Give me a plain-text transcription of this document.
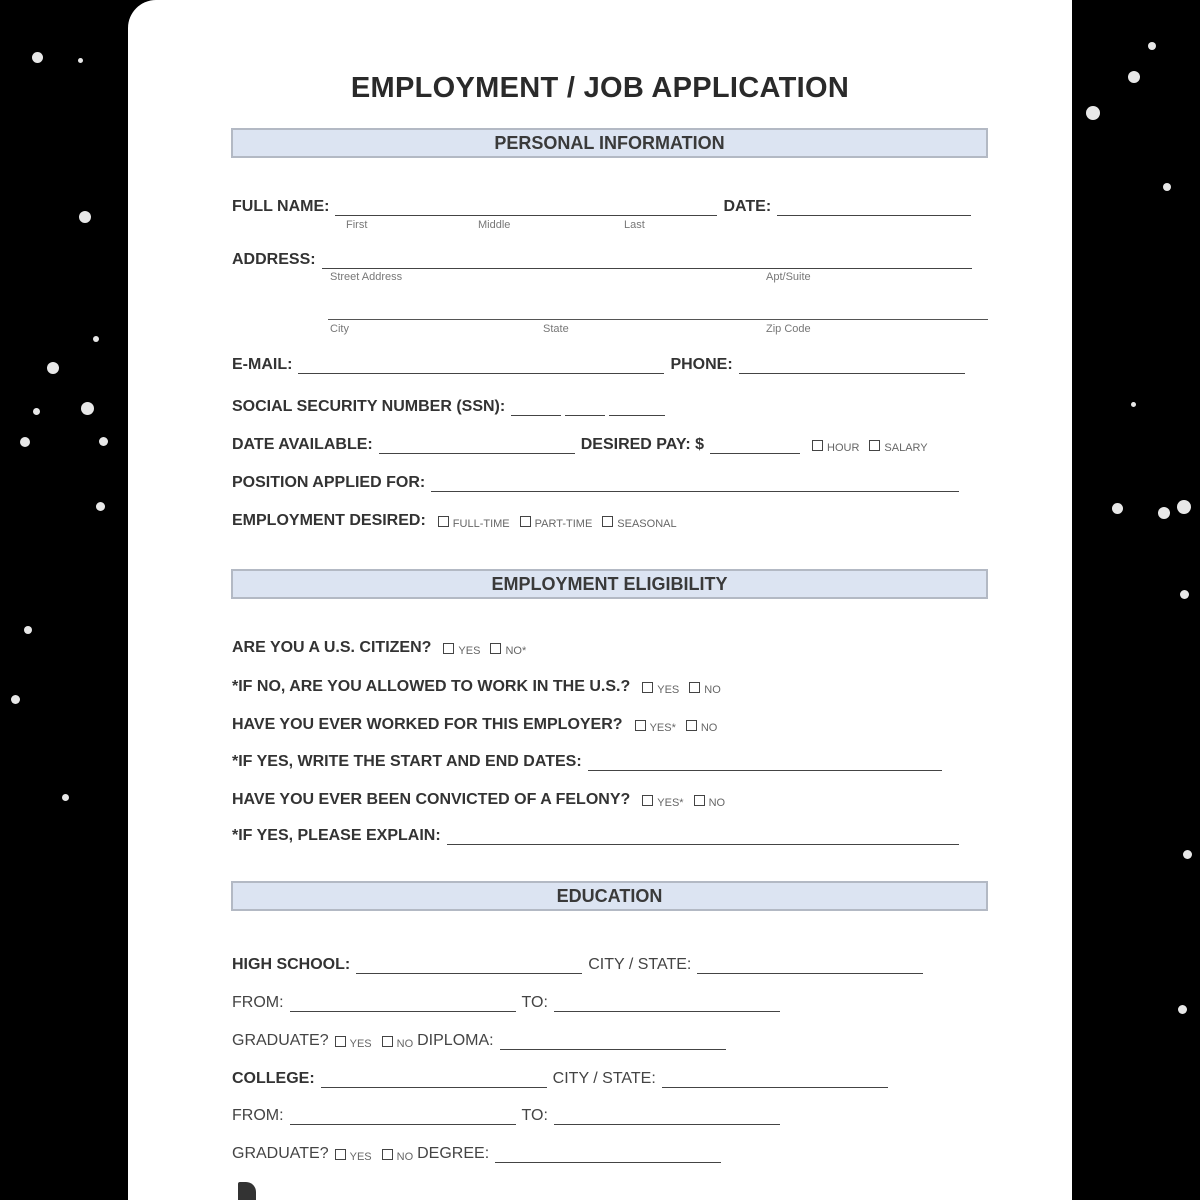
EMPLOYMENT / JOB APPLICATION
PERSONAL INFORMATION
FULL NAME:	DATE:
First	Middle	Last
ADDRESS:
Street Address	Apt/Suite
City	State	Zip Code
E-MAIL:	PHONE:
SOCIAL SECURITY NUMBER (SSN):
DATE AVAILABLE:	DESIRED PAY: $	HOUR SALARY
POSITION APPLIED FOR:
EMPLOYMENT DESIRED: FULL-TIME PART-TIME SEASONAL
EMPLOYMENT ELIGIBILITY
ARE YOU A U.S. CITIZEN? YES NO*
*IF NO, ARE YOU ALLOWED TO WORK IN THE U.S.? YES NO
HAVE YOU EVER WORKED FOR THIS EMPLOYER? YES* NO
*IF YES, WRITE THE START AND END DATES:
HAVE YOU EVER BEEN CONVICTED OF A FELONY? YES* NO
*IF YES, PLEASE EXPLAIN:
EDUCATION
HIGH SCHOOL:	CITY / STATE:
FROM:	TO:
GRADUATE? YES NO DIPLOMA:
COLLEGE:	CITY / STATE:
FROM:	TO:
GRADUATE? YES NO DEGREE:
